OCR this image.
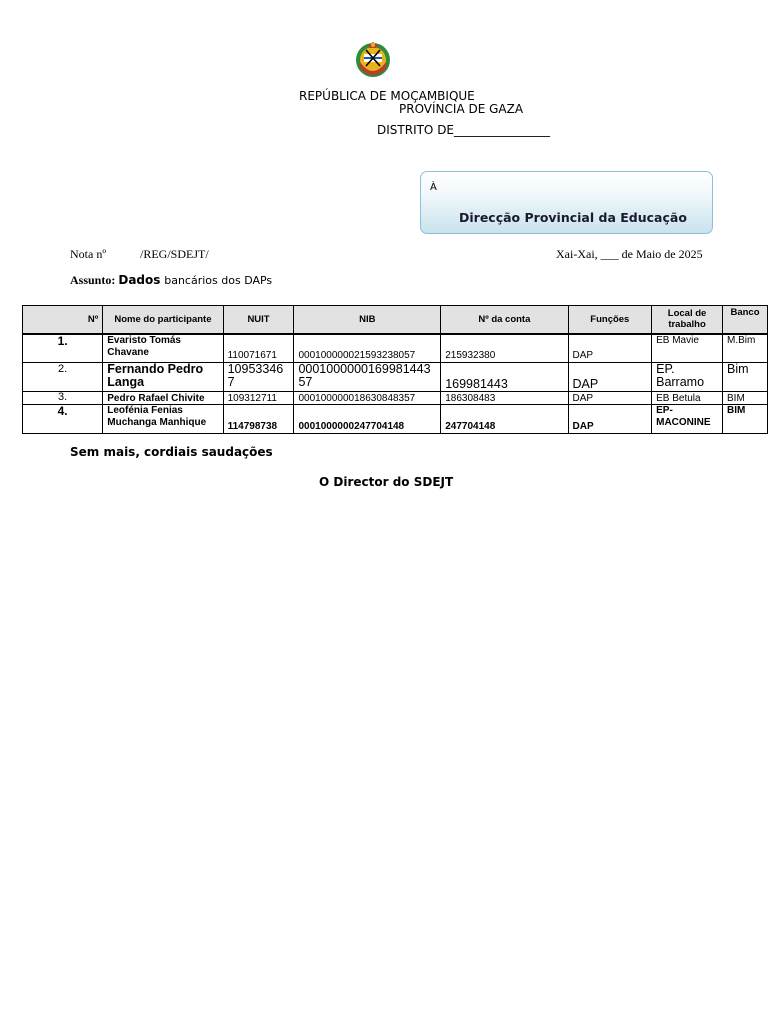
REPÚBLICA DE MOÇAMBIQUE
PROVÍNCIA DE GAZA
DISTRITO DE________________
À
Direcção Provincial da Educação
Nota nº	/REG/SDEJT/	Xai-Xai, ___ de Maio de 2025
Assunto: Dados bancários dos DAPs
Nº	Nome do participante	NUIT	NIB	Nº da conta	Funções	Local de trabalho	Banco
1.	Evaristo Tomás Chavane	110071671	000100000021593238057	215932380	DAP	EB Mavie	M.Bim
2.	Fernando Pedro Langa	109533467	000100000016998144357	169981443	DAP	EP. Barramo	Bim
3.	Pedro Rafael Chivite	109312711	000100000018630848357	186308483	DAP	EB Betula	BIM
4.	Leofénia Fenias Muchanga Manhique	114798738	0001000000247704148	247704148	DAP	EP-MACONINE	BIM
Sem mais, cordiais saudações
O Director do SDEJT
